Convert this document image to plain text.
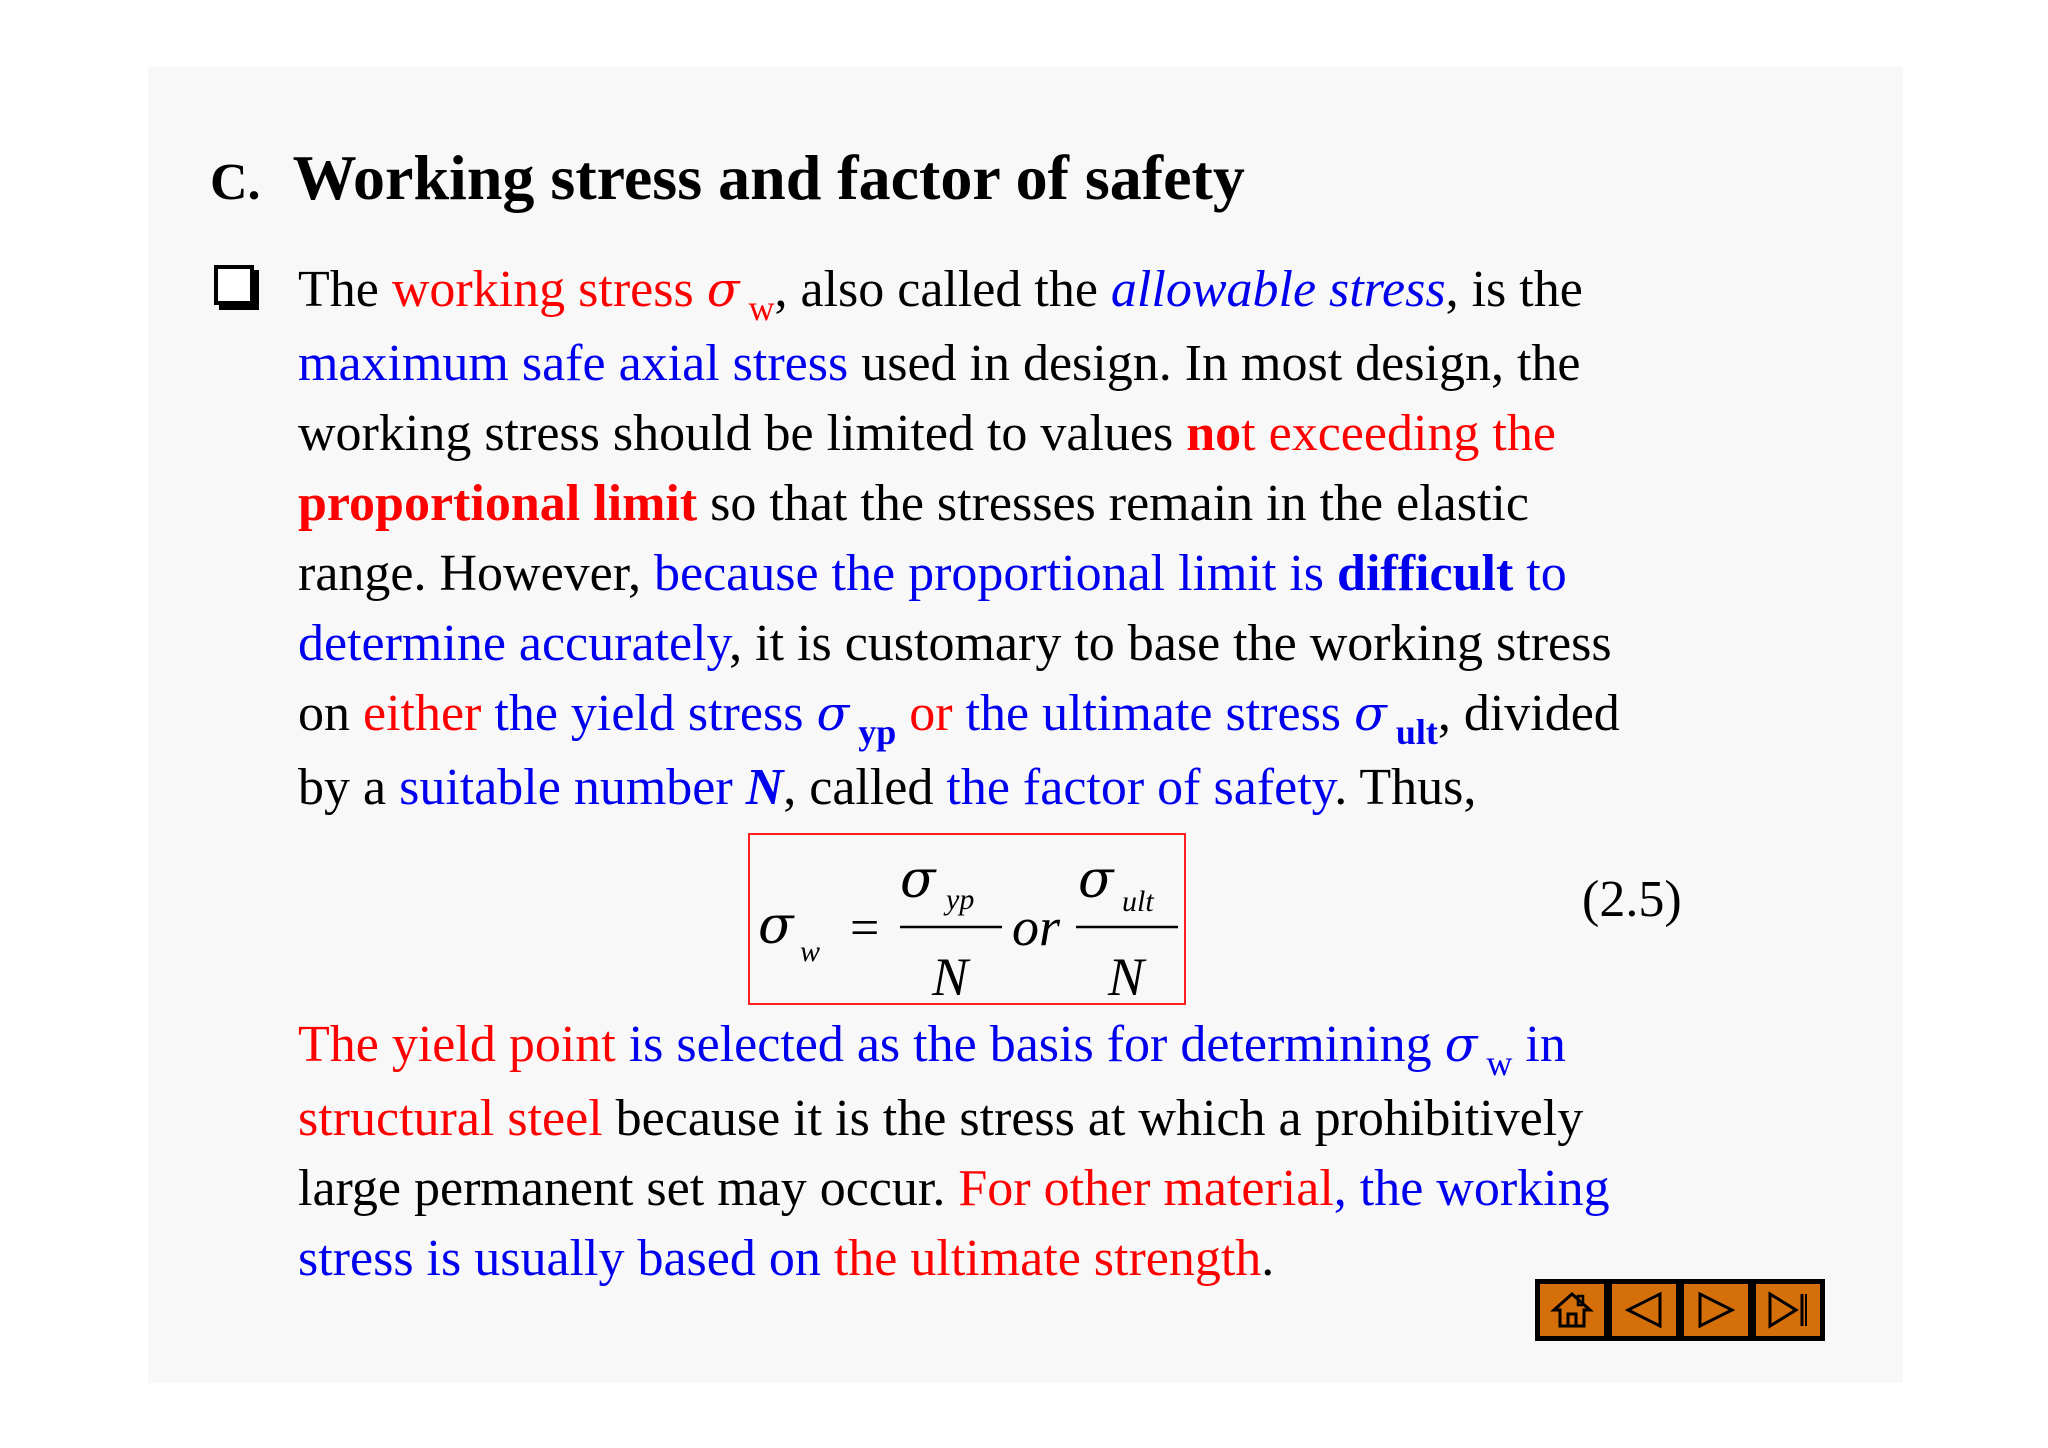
C. Working stress and factor of safety

The working stress σ $_w$, also called the allowable stress, is the
maximum safe axial stress used in design. In most design, the
working stress should be limited to values not exceeding the
proportional limit so that the stresses remain in the elastic
range. However, because the proportional limit is difficult to
determine accurately, it is customary to base the working stress
on either the yield stress σ $_{yp}$ or the ultimate stress σ $_{ult}$, divided
by a suitable number N, called the factor of safety. Thus,

σ w =
σ yp
N
or
σ ult
N
(2.5)

The yield point is selected as the basis for determining σ $_w$ in
structural steel because it is the stress at which a prohibitively
large permanent set may occur. For other material, the working
stress is usually based on the ultimate strength.
